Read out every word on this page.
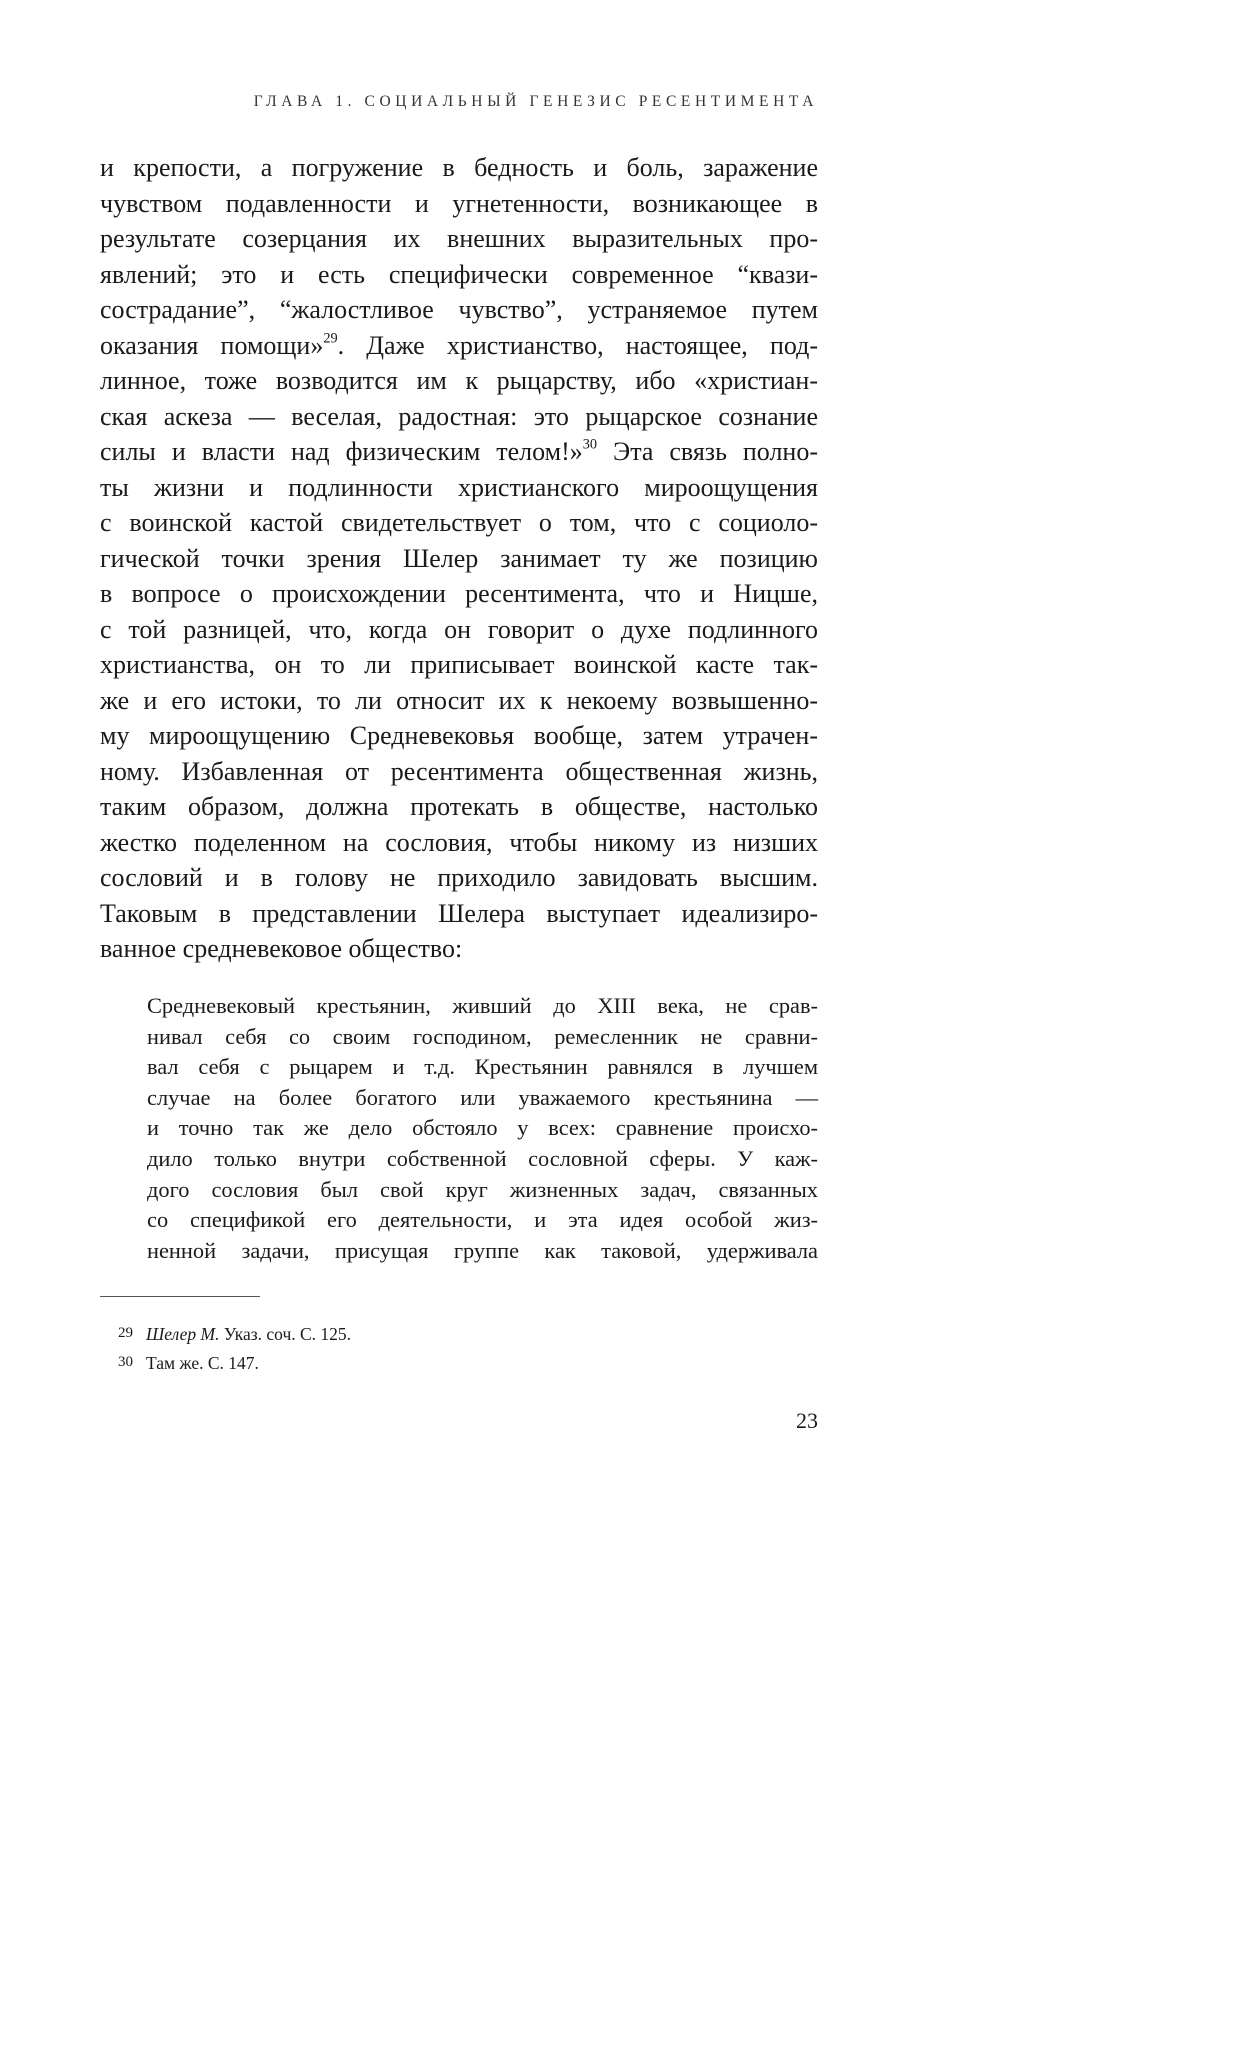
ГЛАВА 1. СОЦИАЛЬНЫЙ ГЕНЕЗИС РЕСЕНТИМЕНТА
и крепости, а погружение в бедность и боль, заражение
чувством подавленности и угнетенности, возникающее в
результате созерцания их внешних выразительных про-
явлений; это и есть специфически современное “квази-
сострадание”, “жалостливое чувство”, устраняемое путем
оказания помощи»$^{29}$. Даже христианство, настоящее, под-
линное, тоже возводится им к рыцарству, ибо «христиан-
ская аскеза — веселая, радостная: это рыцарское сознание
силы и власти над физическим телом!»$^{30}$ Эта связь полно-
ты жизни и подлинности христианского мироощущения
с воинской кастой свидетельствует о том, что с социоло-
гической точки зрения Шелер занимает ту же позицию
в вопросе о происхождении ресентимента, что и Ницше,
с той разницей, что, когда он говорит о духе подлинного
христианства, он то ли приписывает воинской касте так-
же и его истоки, то ли относит их к некоему возвышенно-
му мироощущению Средневековья вообще, затем утрачен-
ному. Избавленная от ресентимента общественная жизнь,
таким образом, должна протекать в обществе, настолько
жестко поделенном на сословия, чтобы никому из низших
сословий и в голову не приходило завидовать высшим.
Таковым в представлении Шелера выступает идеализиро-
ванное средневековое общество:
Средневековый крестьянин, живший до XIII века, не срав-
нивал себя со своим господином, ремесленник не сравни-
вал себя с рыцарем и т.д. Крестьянин равнялся в лучшем
случае на более богатого или уважаемого крестьянина —
и точно так же дело обстояло у всех: сравнение происхо-
дило только внутри собственной сословной сферы. У каж-
дого сословия был свой круг жизненных задач, связанных
со спецификой его деятельности, и эта идея особой жиз-
ненной задачи, присущая группе как таковой, удерживала
29 Шелер М. Указ. соч. С. 125.
30 Там же. С. 147.
23
